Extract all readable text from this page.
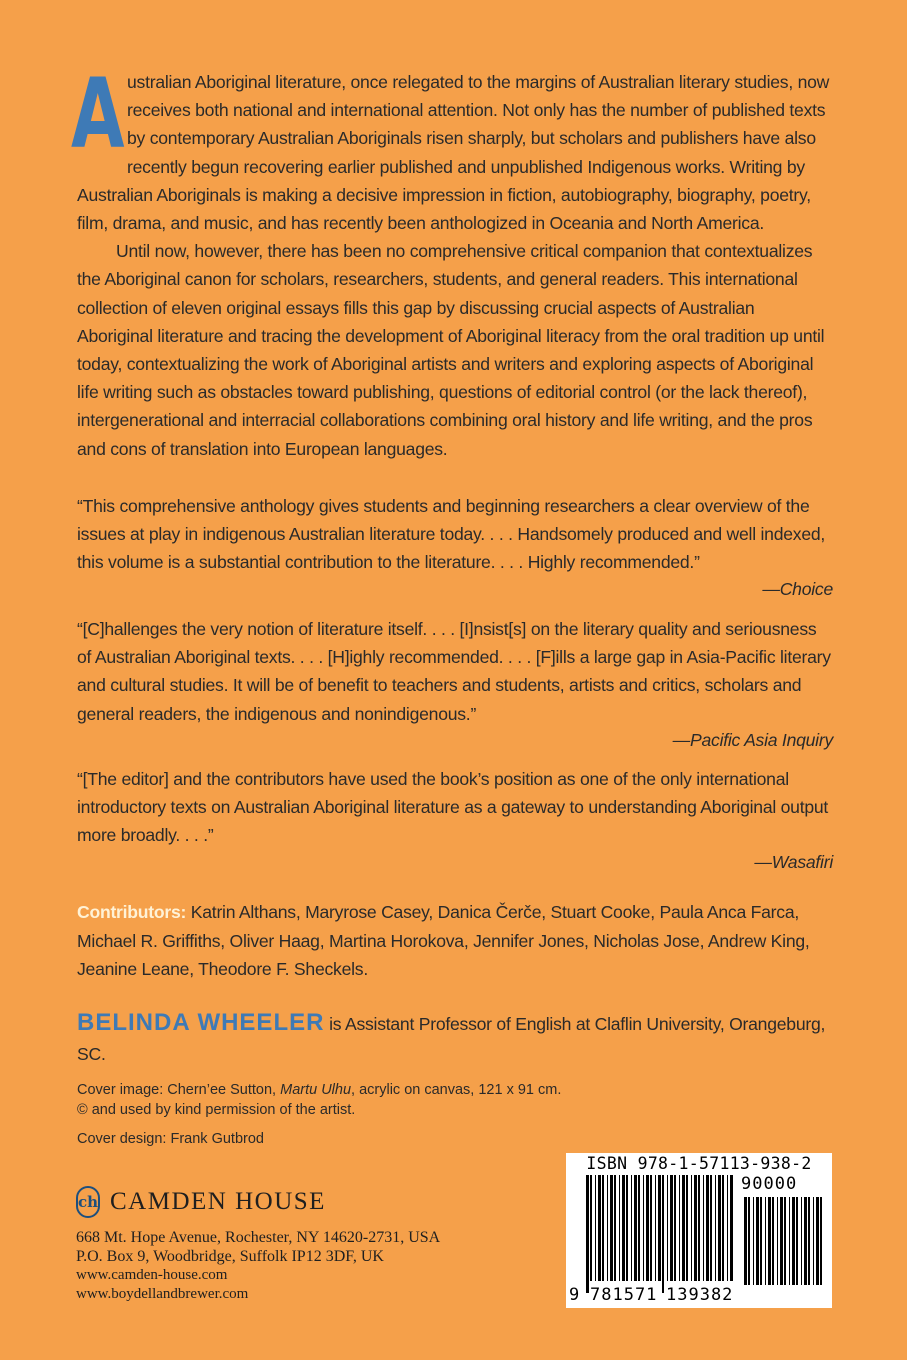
Australian Aboriginal literature, once relegated to the margins of Australian literary studies, now receives both national and international attention. Not only has the number of published texts by contemporary Australian Aboriginals risen sharply, but scholars and publishers have also recently begun recovering earlier published and unpublished Indigenous works. Writing by Australian Aboriginals is making a decisive impression in fiction, autobiography, biography, poetry, film, drama, and music, and has recently been anthologized in Oceania and North America.

Until now, however, there has been no comprehensive critical companion that contextualizes the Aboriginal canon for scholars, researchers, students, and general readers. This international collection of eleven original essays fills this gap by discussing crucial aspects of Australian Aboriginal literature and tracing the development of Aboriginal literacy from the oral tradition up until today, contextualizing the work of Aboriginal artists and writers and exploring aspects of Aboriginal life writing such as obstacles toward publishing, questions of editorial control (or the lack thereof), intergenerational and interracial collaborations combining oral history and life writing, and the pros and cons of translation into European languages.

“This comprehensive anthology gives students and beginning researchers a clear overview of the issues at play in indigenous Australian literature today. . . . Handsomely produced and well indexed, this volume is a substantial contribution to the literature. . . . Highly recommended.”

—Choice

“[C]hallenges the very notion of literature itself. . . . [I]nsist[s] on the literary quality and seriousness of Australian Aboriginal texts. . . . [H]ighly recommended. . . . [F]ills a large gap in Asia-Pacific literary and cultural studies. It will be of benefit to teachers and students, artists and critics, scholars and general readers, the indigenous and nonindigenous.”

—Pacific Asia Inquiry

“[The editor] and the contributors have used the book’s position as one of the only international introductory texts on Australian Aboriginal literature as a gateway to understanding Aboriginal output more broadly. . . .”

—Wasafiri

Contributors: Katrin Althans, Maryrose Casey, Danica Čerče, Stuart Cooke, Paula Anca Farca, Michael R. Griffiths, Oliver Haag, Martina Horokova, Jennifer Jones, Nicholas Jose, Andrew King, Jeanine Leane, Theodore F. Sheckels.
BELINDA WHEELER is Assistant Professor of English at Claflin University, Orangeburg, SC.

Cover image: Chern’ee Sutton, Martu Ulhu, acrylic on canvas, 121 x 91 cm.

© and used by kind permission of the artist.

Cover design: Frank Gutbrod

ch CAMDEN HOUSE

668 Mt. Hope Avenue, Rochester, NY 14620-2731, USA

P.O. Box 9, Woodbridge, Suffolk IP12 3DF, UK

www.camden-house.com

www.boydellandbrewer.com

ISBN 978-1-57113-938-2
90000
9 781571 139382
